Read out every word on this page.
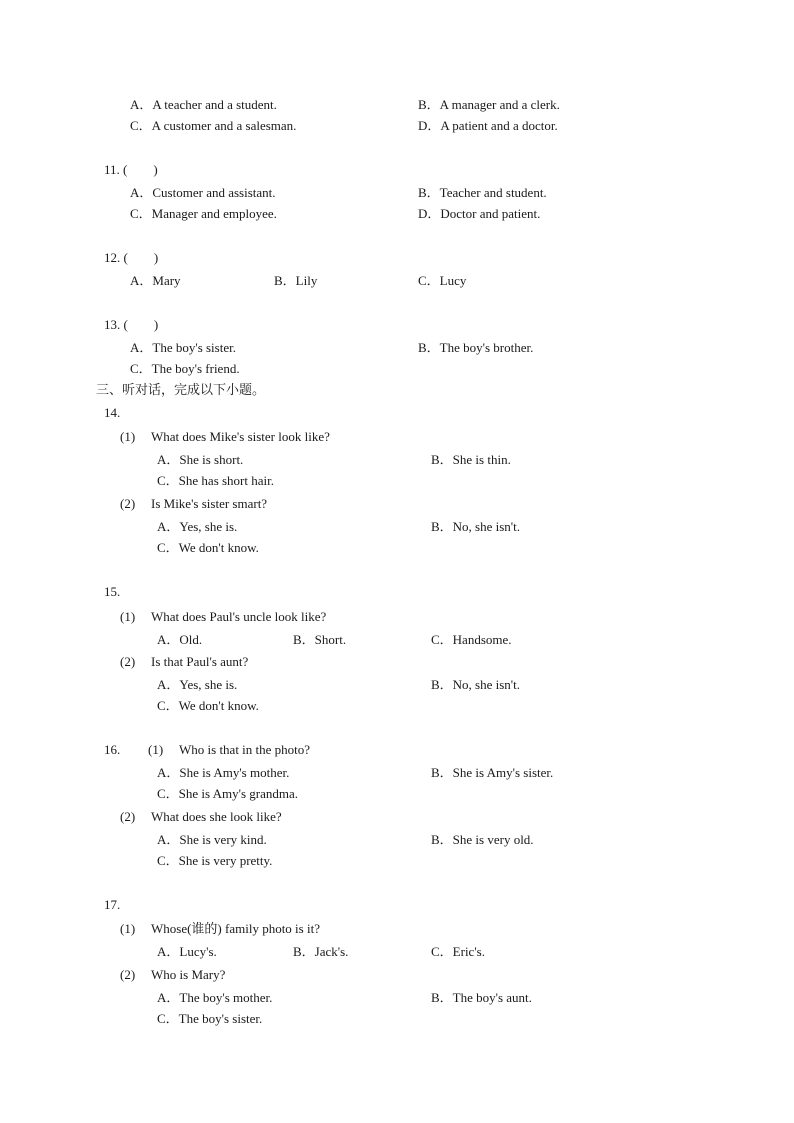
A．A teacher and a student.	B．A manager and a clerk.
C．A customer and a salesman.	D．A patient and a doctor.
11. (　　)
A．Customer and assistant.	B．Teacher and student.
C．Manager and employee.	D．Doctor and patient.
12. (　　)
A．Mary	B．Lily	C．Lucy
13. (　　)
A．The boy's sister.	B．The boy's brother.
C．The boy's friend.
三、听对话，完成以下小题。
14.
(1) What does Mike's sister look like?
A．She is short.	B．She is thin.
C．She has short hair.
(2) Is Mike's sister smart?
A．Yes, she is.	B．No, she isn't.
C．We don't know.
15.
(1) What does Paul's uncle look like?
A．Old.	B．Short.	C．Handsome.
(2) Is that Paul's aunt?
A．Yes, she is.	B．No, she isn't.
C．We don't know.
16. (1) Who is that in the photo?
A．She is Amy's mother.	B．She is Amy's sister.
C．She is Amy's grandma.
(2) What does she look like?
A．She is very kind.	B．She is very old.
C．She is very pretty.
17.
(1) Whose(谁的) family photo is it?
A．Lucy's.	B．Jack's.	C．Eric's.
(2) Who is Mary?
A．The boy's mother.	B．The boy's aunt.
C．The boy's sister.
